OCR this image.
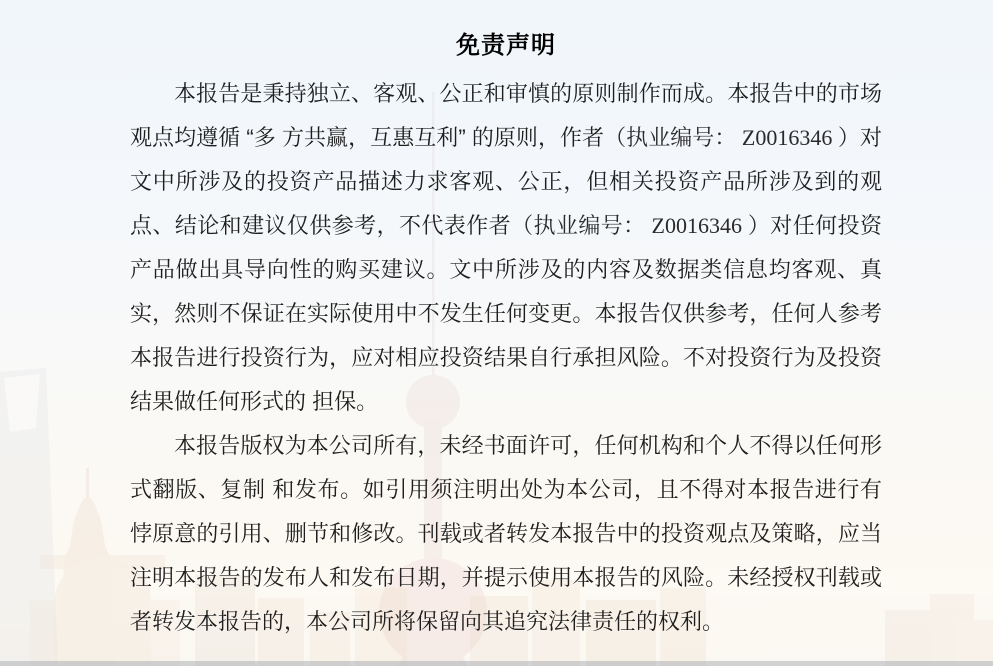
免责声明

本报告是秉持独立、客观、公正和审慎的原则制作而成。本报告中的市场观点均遵循 “多 方共赢，互惠互利” 的原则，作者（执业编号： Z0016346 ）对文中所涉及的投资产品描述力求客观、公正，但相关投资产品所涉及到的观点、结论和建议仅供参考，不代表作者（执业编号： Z0016346 ）对任何投资产品做出具导向性的购买建议。文中所涉及的内容及数据类信息均客观、真实，然则不保证在实际使用中不发生任何变更。本报告仅供参考，任何人参考本报告进行投资行为，应对相应投资结果自行承担风险。不对投资行为及投资结果做任何形式的 担保。

本报告版权为本公司所有，未经书面许可，任何机构和个人不得以任何形式翻版、复制 和发布。如引用须注明出处为本公司，且不得对本报告进行有悖原意的引用、删节和修改。刊载或者转发本报告中的投资观点及策略，应当注明本报告的发布人和发布日期，并提示使用本报告的风险。未经授权刊载或者转发本报告的，本公司所将保留向其追究法律责任的权利。
